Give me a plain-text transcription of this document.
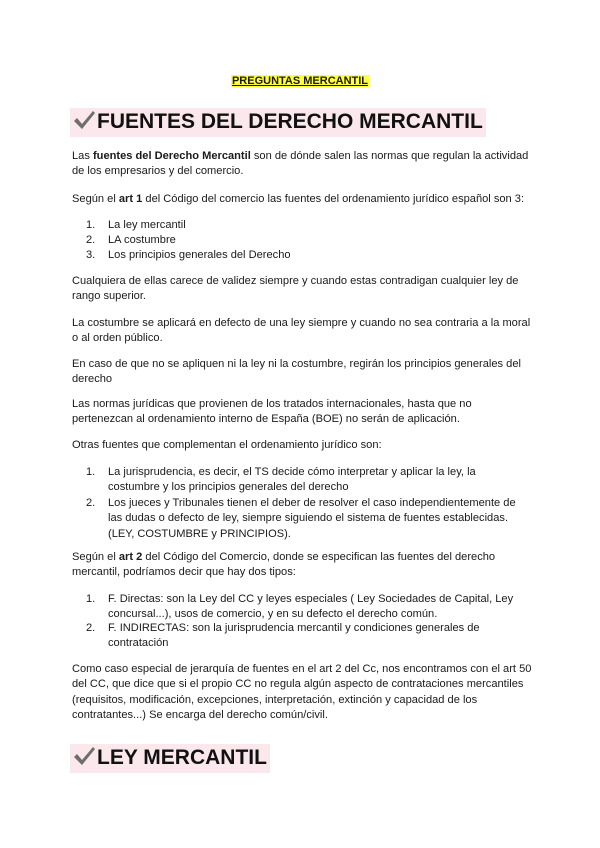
PREGUNTAS MERCANTIL
FUENTES DEL DERECHO MERCANTIL

Las fuentes del Derecho Mercantil son de dónde salen las normas que regulan la actividad de los empresarios y del comercio.

Según el art 1 del Código del comercio las fuentes del ordenamiento jurídico español son 3:

1.	La ley mercantil
2.	LA costumbre
3.	Los principios generales del Derecho

Cualquiera de ellas carece de validez siempre y cuando estas contradigan cualquier ley de rango superior.

La costumbre se aplicará en defecto de una ley siempre y cuando no sea contraria a la moral o al orden público.

En caso de que no se apliquen ni la ley ni la costumbre, regirán los principios generales del derecho

Las normas jurídicas que provienen de los tratados internacionales, hasta que no pertenezcan al ordenamiento interno de España (BOE) no serán de aplicación.

Otras fuentes que complementan el ordenamiento jurídico son:

1.	La jurisprudencia, es decir, el TS decide cómo interpretar y aplicar la ley, la costumbre y los principios generales del derecho
2.	Los jueces y Tribunales tienen el deber de resolver el caso independientemente de las dudas o defecto de ley, siempre siguiendo el sistema de fuentes establecidas. (LEY, COSTUMBRE y PRINCIPIOS).

Según el art 2 del Código del Comercio, donde se especifican las fuentes del derecho mercantil, podríamos decir que hay dos tipos:

1.	F. Directas: son la Ley del CC y leyes especiales ( Ley Sociedades de Capital, Ley concursal...), usos de comercio, y en su defecto el derecho común.
2.	F. INDIRECTAS: son la jurisprudencia mercantil y condiciones generales de contratación

Como caso especial de jerarquía de fuentes en el art 2 del Cc, nos encontramos con el art 50 del CC, que dice que si el propio CC no regula algún aspecto de contrataciones mercantiles (requisitos, modificación, excepciones, interpretación, extinción y capacidad de los contratantes...) Se encarga del derecho común/civil.

LEY MERCANTIL
